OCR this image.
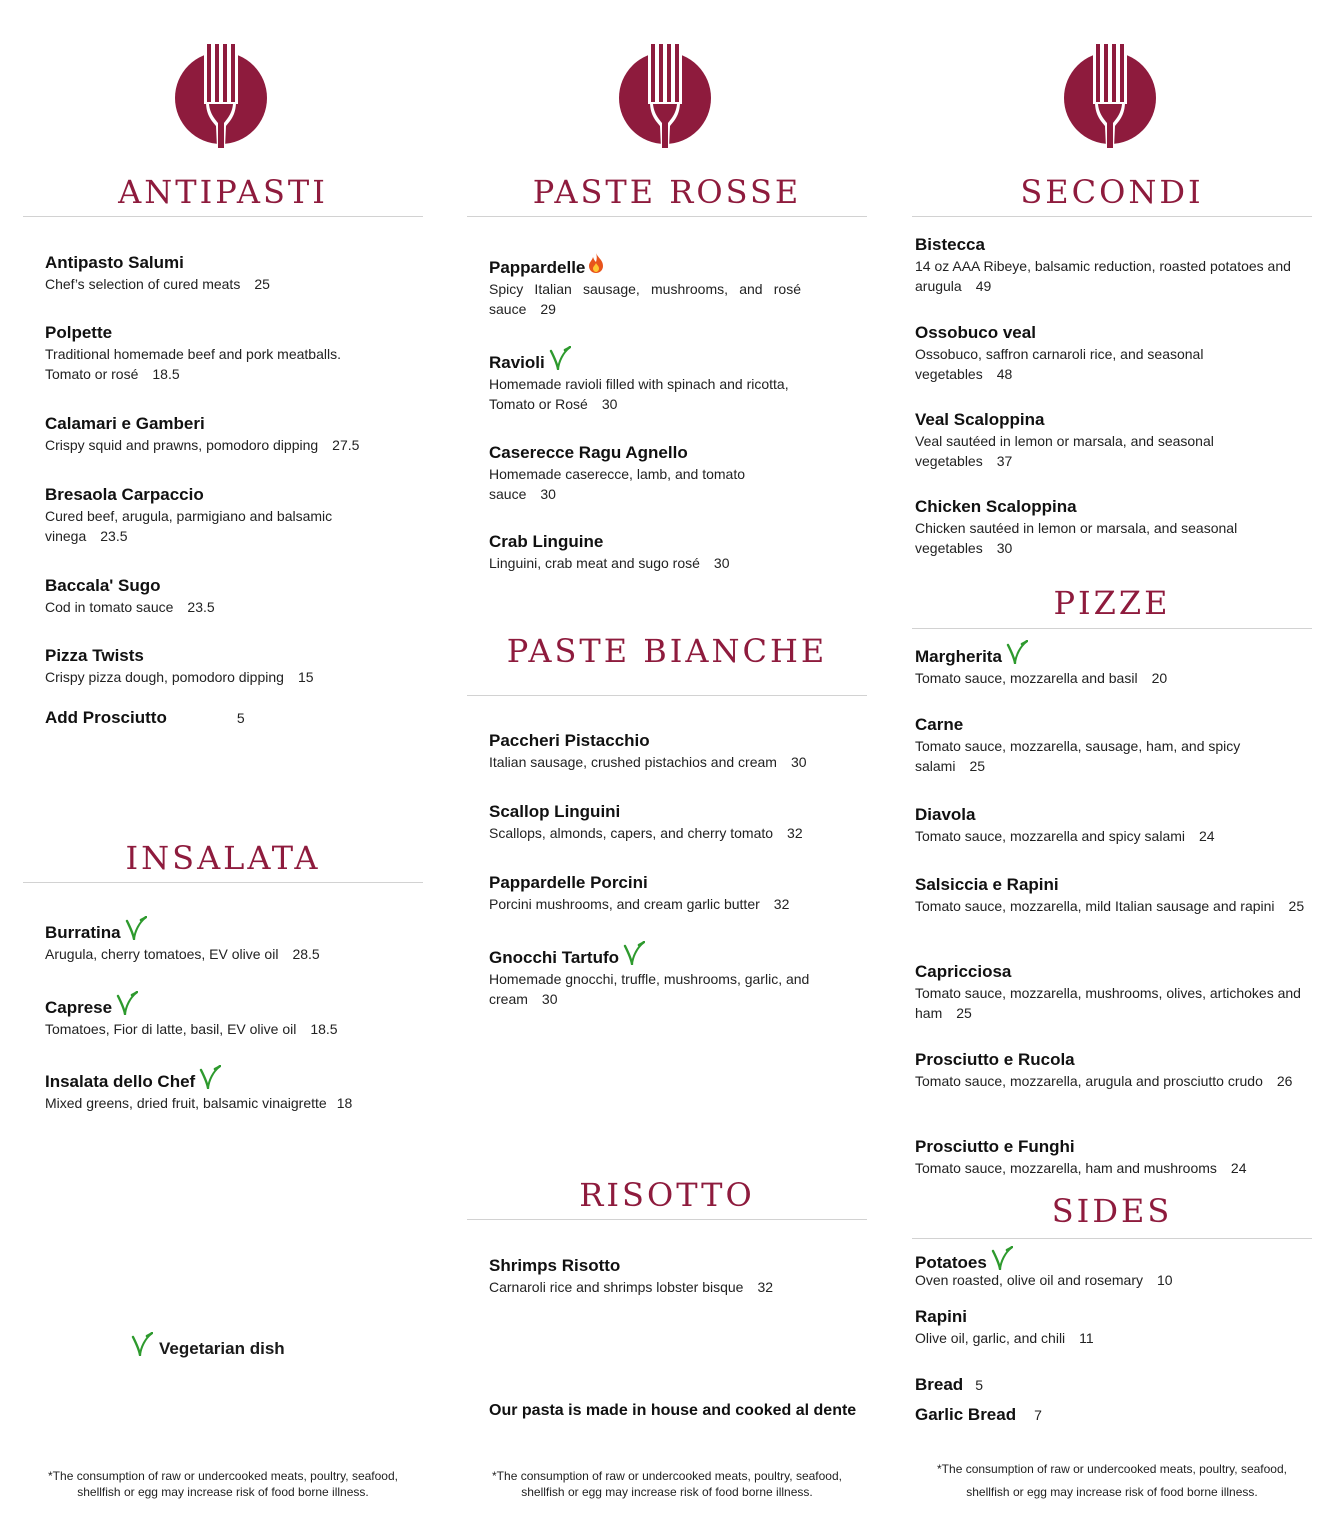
ANTIPASTI
Antipasto Salumi
Chef’s selection of cured meats 25
Polpette
Traditional homemade beef and pork meatballs. Tomato or rosé 18.5
Calamari e Gamberi
Crispy squid and prawns, pomodoro dipping 27.5
Bresaola Carpaccio
Cured beef, arugula, parmigiano and balsamic vinega 23.5
Baccala' Sugo
Cod in tomato sauce 23.5
Pizza Twists
Crispy pizza dough, pomodoro dipping 15
Add Prosciutto	5
INSALATA
Burratina
Arugula, cherry tomatoes, EV olive oil 28.5
Caprese
Tomatoes, Fior di latte, basil, EV olive oil 18.5
Insalata dello Chef
Mixed greens, dried fruit, balsamic vinaigrette 18
Vegetarian dish
*The consumption of raw or undercooked meats, poultry, seafood,
shellfish or egg may increase risk of food borne illness.
PASTE ROSSE
Pappardelle
Spicy Italian sausage, mushrooms, and rosé sauce 29
Ravioli
Homemade ravioli filled with spinach and ricotta, Tomato or Rosé 30
Caserecce Ragu Agnello
Homemade caserecce, lamb, and tomato sauce 30
Crab Linguine
Linguini, crab meat and sugo rosé 30
PASTE BIANCHE
Paccheri Pistacchio
Italian sausage, crushed pistachios and cream 30
Scallop Linguini
Scallops, almonds, capers, and cherry tomato 32
Pappardelle Porcini
Porcini mushrooms, and cream garlic butter 32
Gnocchi Tartufo
Homemade gnocchi, truffle, mushrooms, garlic, and cream 30
RISOTTO
Shrimps Risotto
Carnaroli rice and shrimps lobster bisque 32
Our pasta is made in house and cooked al dente
*The consumption of raw or undercooked meats, poultry, seafood,
shellfish or egg may increase risk of food borne illness.
SECONDI
Bistecca
14 oz AAA Ribeye, balsamic reduction, roasted potatoes and arugula 49
Ossobuco veal
Ossobuco, saffron carnaroli rice, and seasonal vegetables 48
Veal Scaloppina
Veal sautéed in lemon or marsala, and seasonal vegetables 37
Chicken Scaloppina
Chicken sautéed in lemon or marsala, and seasonal vegetables 30
PIZZE
Margherita
Tomato sauce, mozzarella and basil 20
Carne
Tomato sauce, mozzarella, sausage, ham, and spicy salami 25
Diavola
Tomato sauce, mozzarella and spicy salami 24
Salsiccia e Rapini
Tomato sauce, mozzarella, mild Italian sausage and rapini 25
Capricciosa
Tomato sauce, mozzarella, mushrooms, olives, artichokes and ham 25
Prosciutto e Rucola
Tomato sauce, mozzarella, arugula and prosciutto crudo 26
Prosciutto e Funghi
Tomato sauce, mozzarella, ham and mushrooms 24
SIDES
Potatoes
Oven roasted, olive oil and rosemary 10
Rapini
Olive oil, garlic, and chili 11
Bread 5
Garlic Bread 7
*The consumption of raw or undercooked meats, poultry, seafood,
shellfish or egg may increase risk of food borne illness.
